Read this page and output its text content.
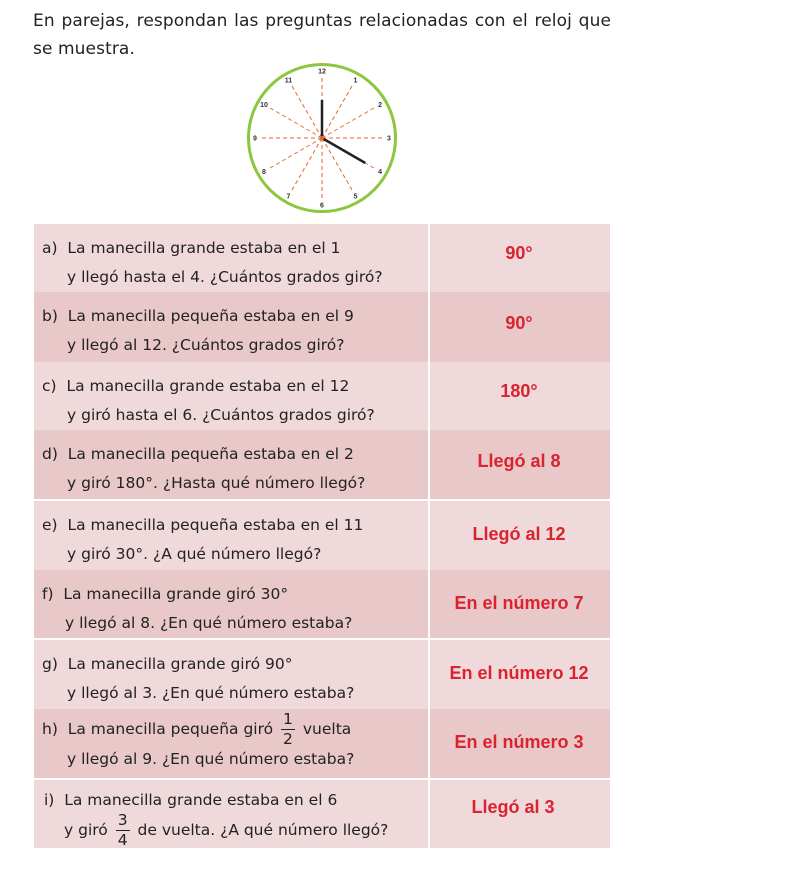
En parejas, respondan las preguntas relacionadas con el reloj que se muestra.
12
1
2
3
4
5
6
7
8
9
10
11
a) La manecilla grande estaba en el 1
y llegó hasta el 4. ¿Cuántos grados giró?
90°
b) La manecilla pequeña estaba en el 9
y llegó al 12. ¿Cuántos grados giró?
90°
c) La manecilla grande estaba en el 12
y giró hasta el 6. ¿Cuántos grados giró?
180°
d) La manecilla pequeña estaba en el 2
y giró 180°. ¿Hasta qué número llegó?
Llegó al 8
e) La manecilla pequeña estaba en el 11
y giró 30°. ¿A qué número llegó?
Llegó al 12
f) La manecilla grande giró 30°
y llegó al 8. ¿En qué número estaba?
En el número 7
g) La manecilla grande giró 90°
y llegó al 3. ¿En qué número estaba?
En el número 12
h) La manecilla pequeña giró $\frac{1}{2}$ vuelta
y llegó al 9. ¿En qué número estaba?
En el número 3
i) La manecilla grande estaba en el 6
y giró $\frac{3}{4}$ de vuelta. ¿A qué número llegó?
Llegó al 3
